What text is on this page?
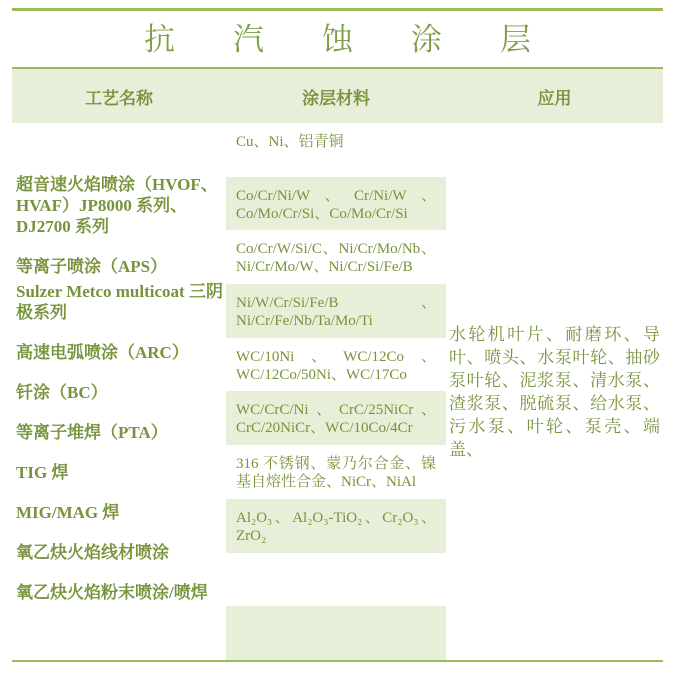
抗汽蚀涂层
工艺名称	涂层材料	应用

超音速火焰喷涂（HVOF、HVAF）JP8000 系列、DJ2700 系列

等离子喷涂（APS）

Sulzer Metco multicoat 三阴极系列

高速电弧喷涂（ARC）

钎涂（BC）

等离子堆焊（PTA）

TIG 焊

MIG/MAG 焊

氧乙炔火焰线材喷涂

氧乙炔火焰粉末喷涂/喷焊

Cu、Ni、铝青铜
Co/Cr/Ni/W、Cr/Ni/W、Co/Mo/Cr/Si、Co/Mo/Cr/Si
Co/Cr/W/Si/C、Ni/Cr/Mo/Nb、Ni/Cr/Mo/W、Ni/Cr/Si/Fe/B
Ni/W/Cr/Si/Fe/B、Ni/Cr/Fe/Nb/Ta/Mo/Ti
WC/10Ni、WC/12Co、WC/12Co/50Ni、WC/17Co
WC/CrC/Ni、CrC/25NiCr、CrC/20NiCr、WC/10Co/4Cr
316 不锈钢、蒙乃尔合金、镍基自熔性合金、NiCr、NiAl
Al₂O₃、Al₂O₃-TiO₂、Cr₂O₃、ZrO₂
水轮机叶片、耐磨环、导叶、喷头、水泵叶轮、抽砂泵叶轮、泥浆泵、清水泵、渣浆泵、脱硫泵、给水泵、污水泵、叶轮、泵壳、端盖、
